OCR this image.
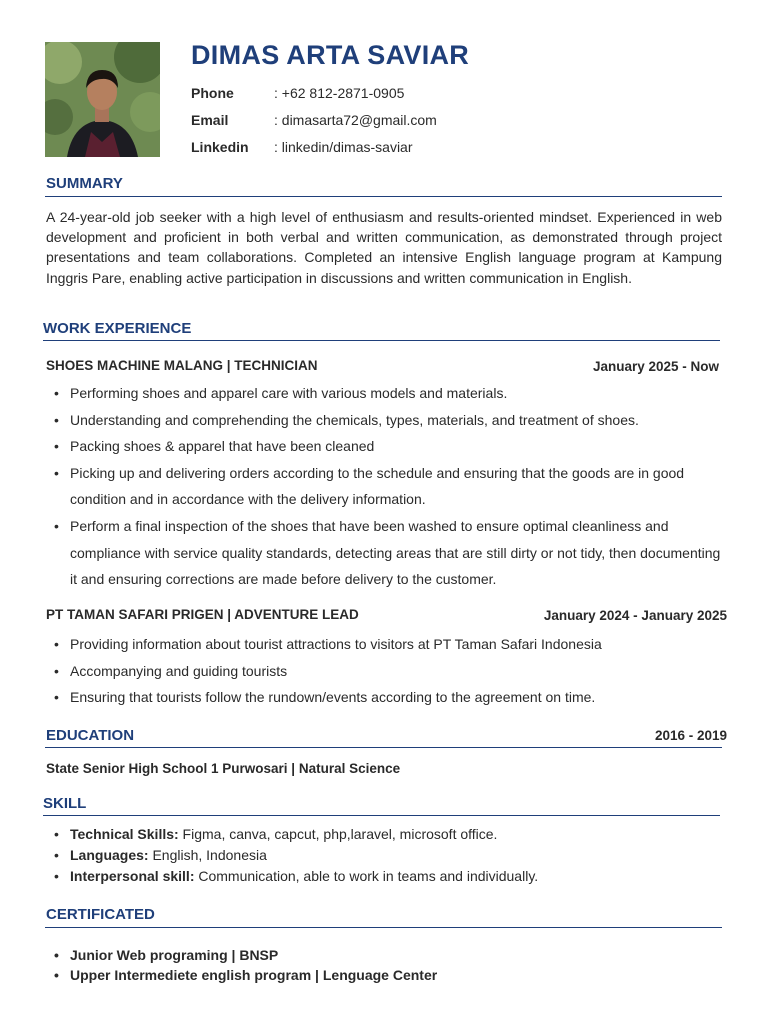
DIMAS ARTA SAVIAR
Phone	: +62 812-2871-0905
Email	: dimasarta72@gmail.com
Linkedin : linkedin/dimas-saviar
SUMMARY
A 24-year-old job seeker with a high level of enthusiasm and results-oriented mindset. Experienced in web development and proficient in both verbal and written communication, as demonstrated through project presentations and team collaborations. Completed an intensive English language program at Kampung Inggris Pare, enabling active participation in discussions and written communication in English.
WORK EXPERIENCE
SHOES MACHINE MALANG | TECHNICIAN	January 2025 - Now
• Performing shoes and apparel care with various models and materials.
• Understanding and comprehending the chemicals, types, materials, and treatment of shoes.
• Packing shoes & apparel that have been cleaned
• Picking up and delivering orders according to the schedule and ensuring that the goods are in good condition and in accordance with the delivery information.
• Perform a final inspection of the shoes that have been washed to ensure optimal cleanliness and compliance with service quality standards, detecting areas that are still dirty or not tidy, then documenting it and ensuring corrections are made before delivery to the customer.
PT TAMAN SAFARI PRIGEN | ADVENTURE LEAD	January 2024 - January 2025
• Providing information about tourist attractions to visitors at PT Taman Safari Indonesia
• Accompanying and guiding tourists
• Ensuring that tourists follow the rundown/events according to the agreement on time.
EDUCATION	2016 - 2019
State Senior High School 1 Purwosari | Natural Science
SKILL
• Technical Skills: Figma, canva, capcut, php,laravel, microsoft office.
• Languages: English, Indonesia
• Interpersonal skill: Communication, able to work in teams and individually.
CERTIFICATED
• Junior Web programing | BNSP
• Upper Intermediete english program | Lenguage Center
